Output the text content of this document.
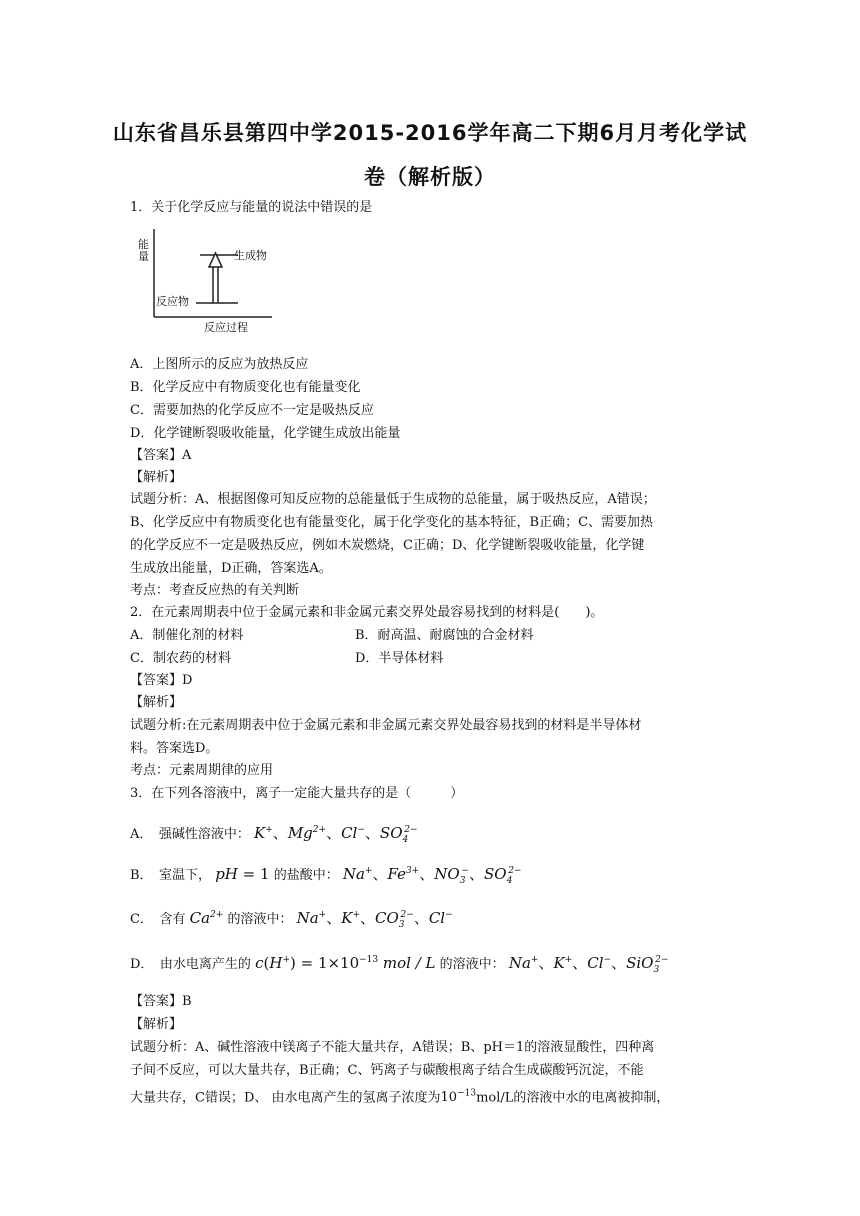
山东省昌乐县第四中学2015-2016学年高二下期6月月考化学试
卷（解析版）
1．关于化学反应与能量的说法中错误的是
能量	生成物
反应物
反应过程
A．上图所示的反应为放热反应
B．化学反应中有物质变化也有能量变化
C．需要加热的化学反应不一定是吸热反应
D．化学键断裂吸收能量，化学键生成放出能量
【答案】A
【解析】
试题分析：A、根据图像可知反应物的总能量低于生成物的总能量，属于吸热反应，A错误；
B、化学反应中有物质变化也有能量变化，属于化学变化的基本特征，B正确；C、需要加热
的化学反应不一定是吸热反应，例如木炭燃烧，C正确；D、化学键断裂吸收能量，化学键
生成放出能量，D正确，答案选A。
考点：考查反应热的有关判断
2．在元素周期表中位于金属元素和非金属元素交界处最容易找到的材料是(　　)。
A．制催化剂的材料	B．耐高温、耐腐蚀的合金材料
C．制农药的材料	D．半导体材料
【答案】D
【解析】
试题分析:在元素周期表中位于金属元素和非金属元素交界处最容易找到的材料是半导体材
料。答案选D。
考点：元素周期律的应用
3．在下列各溶液中，离子一定能大量共存的是（　　　）
A．　强碱性溶液中： K+、$Mg^{2+}$、Cl−、$SO_4^{2-}$
B．　室温下， pH = 1 的盐酸中： Na+、$Fe^{3+}$、$NO_3^-$、$SO_4^{2-}$
C．　含有 $Ca^{2+}$ 的溶液中： Na+、K+、$CO_3^{2-}$、Cl−
D．　由水电离产生的 $c(H^+) = 1\times 10^{-13}$ mol / L 的溶液中： Na+、K+、Cl−、SiO$_3^{2-}$
【答案】B
【解析】
试题分析：A、碱性溶液中镁离子不能大量共存，A错误；B、pH＝1的溶液显酸性，四种离
子间不反应，可以大量共存，B正确；C、钙离子与碳酸根离子结合生成碳酸钙沉淀，不能
大量共存，C错误；D、 由水电离产生的氢离子浓度为$10^{-13}mol/L$的溶液中水的电离被抑制，
